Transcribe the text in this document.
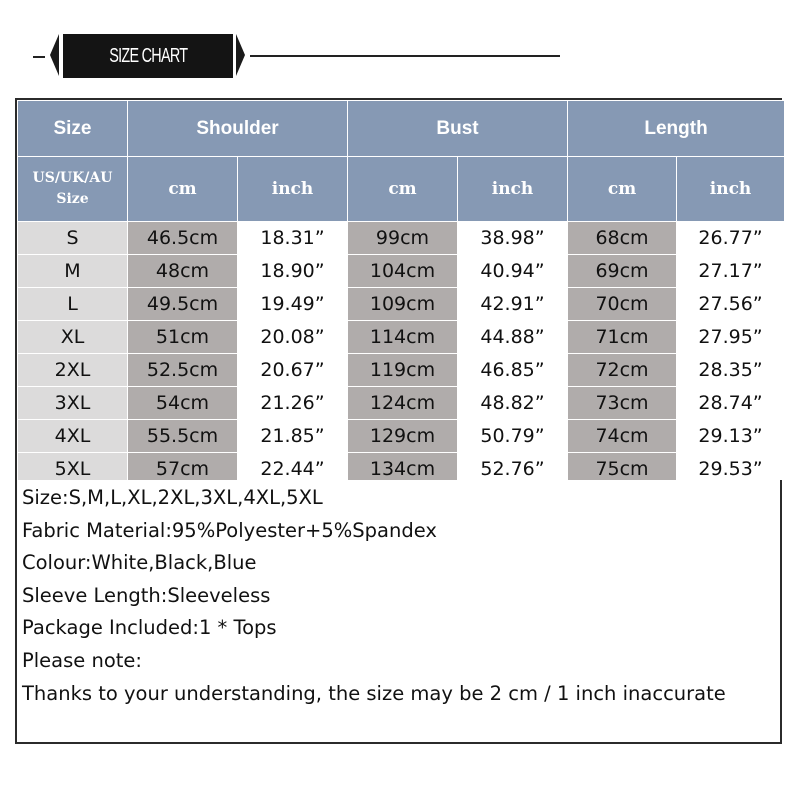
SIZE CHART
Size	Shoulder		Bust		Length	
US/UK/AU
Size	cm	inch	cm	inch	cm	inch
S	46.5cm	18.31”	99cm	38.98”	68cm	26.77”
M	48cm	18.90”	104cm	40.94”	69cm	27.17”
L	49.5cm	19.49”	109cm	42.91”	70cm	27.56”
XL	51cm	20.08”	114cm	44.88”	71cm	27.95”
2XL	52.5cm	20.67”	119cm	46.85”	72cm	28.35”
3XL	54cm	21.26”	124cm	48.82”	73cm	28.74”
4XL	55.5cm	21.85”	129cm	50.79”	74cm	29.13”
5XL	57cm	22.44”	134cm	52.76”	75cm	29.53”
Size:S,M,L,XL,2XL,3XL,4XL,5XL
Fabric Material:95%Polyester+5%Spandex
Colour:White,Black,Blue
Sleeve Length:Sleeveless
Package Included:1 * Tops
Please note:
Thanks to your understanding, the size may be 2 cm / 1 inch inaccurate
